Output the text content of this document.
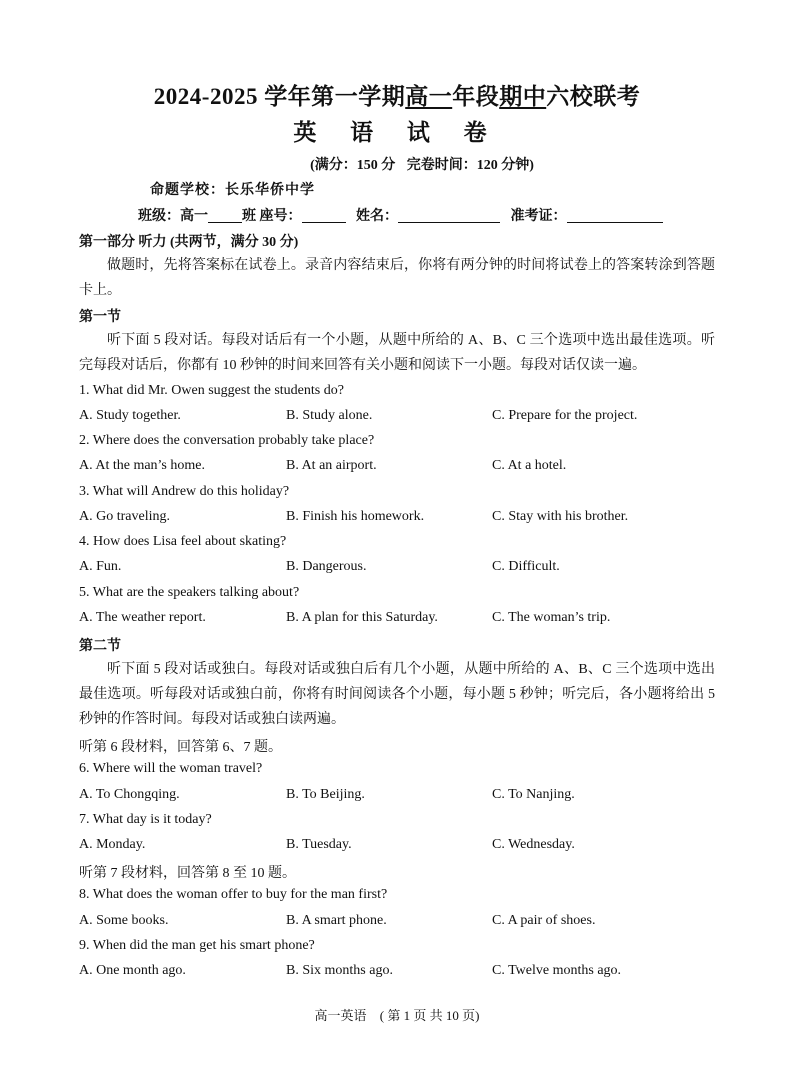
2024-2025 学年第一学期高一年段期中六校联考
英 语 试 卷
(满分：150 分 完卷时间：120 分钟)
命题学校：长乐华侨中学
班级：高一 班 座号：	姓名：	准考证：
第一部分 听力 (共两节，满分 30 分)
做题时，先将答案标在试卷上。录音内容结束后，你将有两分钟的时间将试卷上的答案转涂到答题卡上。
第一节
听下面 5 段对话。每段对话后有一个小题，从题中所给的 A、B、C 三个选项中选出最佳选项。听完每段对话后，你都有 10 秒钟的时间来回答有关小题和阅读下一小题。每段对话仅读一遍。
1. What did Mr. Owen suggest the students do?
A. Study together.	B. Study alone.	C. Prepare for the project.
2. Where does the conversation probably take place?
A. At the man’s home.	B. At an airport.	C. At a hotel.
3. What will Andrew do this holiday?
A. Go traveling.	B. Finish his homework.	C. Stay with his brother.
4. How does Lisa feel about skating?
A. Fun.	B. Dangerous.	C. Difficult.
5. What are the speakers talking about?
A. The weather report.	B. A plan for this Saturday.	C. The woman’s trip.
第二节
听下面 5 段对话或独白。每段对话或独白后有几个小题，从题中所给的 A、B、C 三个选项中选出最佳选项。听每段对话或独白前，你将有时间阅读各个小题，每小题 5 秒钟；听完后，各小题将给出 5 秒钟的作答时间。每段对话或独白读两遍。
听第 6 段材料，回答第 6、7 题。
6. Where will the woman travel?
A. To Chongqing.	B. To Beijing.	C. To Nanjing.
7. What day is it today?
A. Monday.	B. Tuesday.	C. Wednesday.
听第 7 段材料，回答第 8 至 10 题。
8. What does the woman offer to buy for the man first?
A. Some books.	B. A smart phone.	C. A pair of shoes.
9. When did the man get his smart phone?
A. One month ago.	B. Six months ago.	C. Twelve months ago.
高一英语 ( 第 1 页 共 10 页)
